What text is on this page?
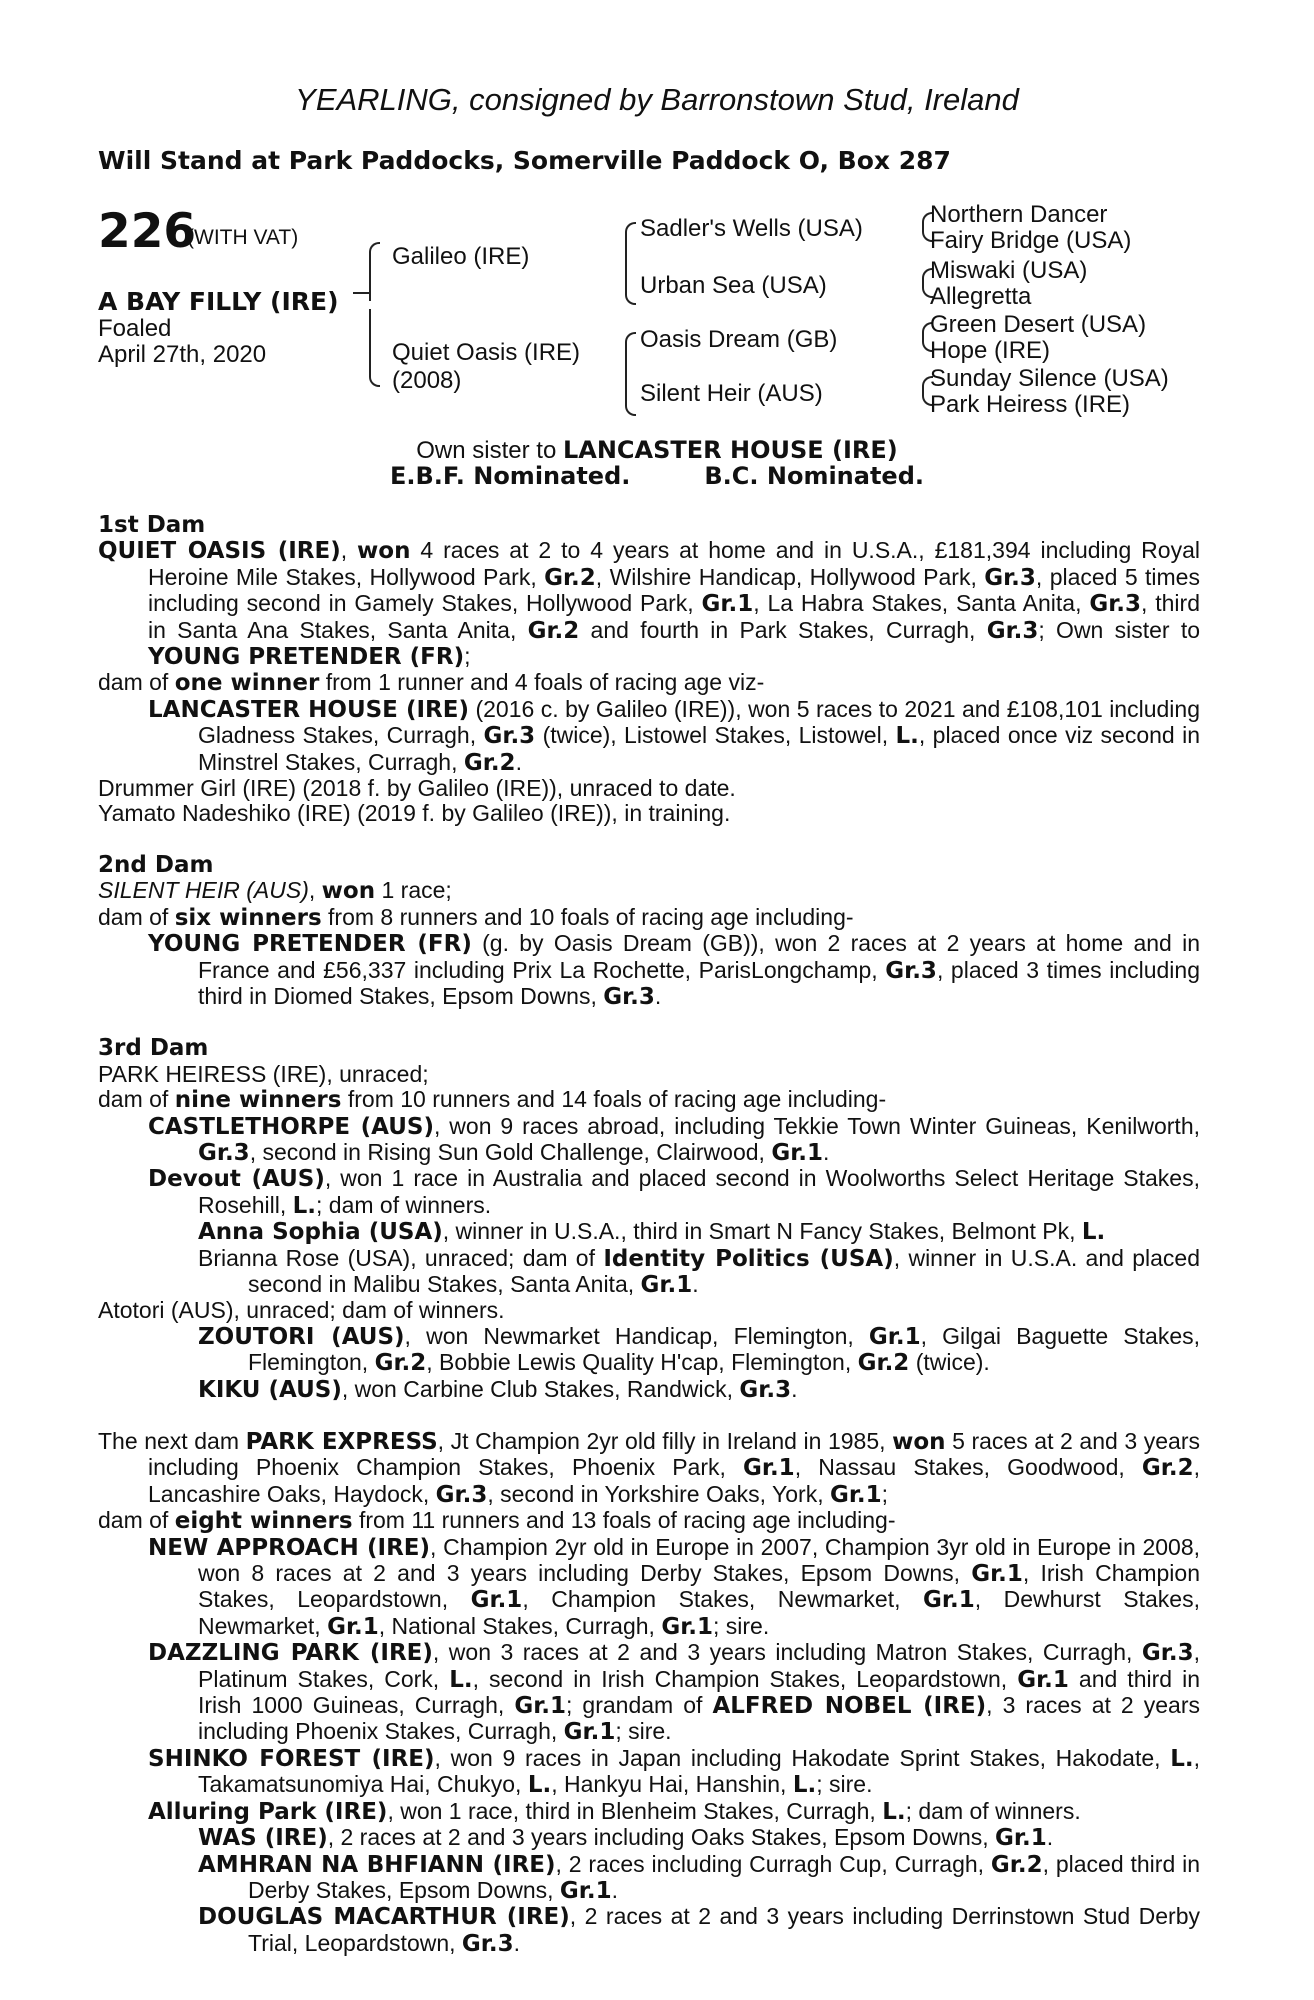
YEARLING, consigned by Barronstown Stud, Ireland
Will Stand at Park Paddocks, Somerville Paddock O, Box 287
226
(WITH VAT)
A BAY FILLY (IRE)
Foaled
April 27th, 2020
Galileo (IRE)
Quiet Oasis (IRE)
(2008)
Sadler's Wells (USA)
Urban Sea (USA)
Oasis Dream (GB)
Silent Heir (AUS)
Northern Dancer
Fairy Bridge (USA)
Miswaki (USA)
Allegretta
Green Desert (USA)
Hope (IRE)
Sunday Silence (USA)
Park Heiress (IRE)
Own sister to LANCASTER HOUSE (IRE)
E.B.F. Nominated.	B.C. Nominated.

1st Dam

QUIET OASIS (IRE), won 4 races at 2 to 4 years at home and in U.S.A., £181,394 including Royal Heroine Mile Stakes, Hollywood Park, Gr.2, Wilshire Handicap, Hollywood Park, Gr.3, placed 5 times including second in Gamely Stakes, Hollywood Park, Gr.1, La Habra Stakes, Santa Anita, Gr.3, third in Santa Ana Stakes, Santa Anita, Gr.2 and fourth in Park Stakes, Curragh, Gr.3; Own sister to YOUNG PRETENDER (FR);

dam of one winner from 1 runner and 4 foals of racing age viz-

LANCASTER HOUSE (IRE) (2016 c. by Galileo (IRE)), won 5 races to 2021 and £108,101 including Gladness Stakes, Curragh, Gr.3 (twice), Listowel Stakes, Listowel, L., placed once viz second in Minstrel Stakes, Curragh, Gr.2.

Drummer Girl (IRE) (2018 f. by Galileo (IRE)), unraced to date.

Yamato Nadeshiko (IRE) (2019 f. by Galileo (IRE)), in training.

2nd Dam

SILENT HEIR (AUS), won 1 race;

dam of six winners from 8 runners and 10 foals of racing age including-

YOUNG PRETENDER (FR) (g. by Oasis Dream (GB)), won 2 races at 2 years at home and in France and £56,337 including Prix La Rochette, ParisLongchamp, Gr.3, placed 3 times including third in Diomed Stakes, Epsom Downs, Gr.3.

3rd Dam

PARK HEIRESS (IRE), unraced;

dam of nine winners from 10 runners and 14 foals of racing age including-

CASTLETHORPE (AUS), won 9 races abroad, including Tekkie Town Winter Guineas, Kenilworth, Gr.3, second in Rising Sun Gold Challenge, Clairwood, Gr.1.

Devout (AUS), won 1 race in Australia and placed second in Woolworths Select Heritage Stakes, Rosehill, L.; dam of winners.

Anna Sophia (USA), winner in U.S.A., third in Smart N Fancy Stakes, Belmont Pk, L.

Brianna Rose (USA), unraced; dam of Identity Politics (USA), winner in U.S.A. and placed second in Malibu Stakes, Santa Anita, Gr.1.

Atotori (AUS), unraced; dam of winners.

ZOUTORI (AUS), won Newmarket Handicap, Flemington, Gr.1, Gilgai Baguette Stakes, Flemington, Gr.2, Bobbie Lewis Quality H'cap, Flemington, Gr.2 (twice).

KIKU (AUS), won Carbine Club Stakes, Randwick, Gr.3.

The next dam PARK EXPRESS, Jt Champion 2yr old filly in Ireland in 1985, won 5 races at 2 and 3 years including Phoenix Champion Stakes, Phoenix Park, Gr.1, Nassau Stakes, Goodwood, Gr.2, Lancashire Oaks, Haydock, Gr.3, second in Yorkshire Oaks, York, Gr.1;

dam of eight winners from 11 runners and 13 foals of racing age including-

NEW APPROACH (IRE), Champion 2yr old in Europe in 2007, Champion 3yr old in Europe in 2008, won 8 races at 2 and 3 years including Derby Stakes, Epsom Downs, Gr.1, Irish Champion Stakes, Leopardstown, Gr.1, Champion Stakes, Newmarket, Gr.1, Dewhurst Stakes, Newmarket, Gr.1, National Stakes, Curragh, Gr.1; sire.

DAZZLING PARK (IRE), won 3 races at 2 and 3 years including Matron Stakes, Curragh, Gr.3, Platinum Stakes, Cork, L., second in Irish Champion Stakes, Leopardstown, Gr.1 and third in Irish 1000 Guineas, Curragh, Gr.1; grandam of ALFRED NOBEL (IRE), 3 races at 2 years including Phoenix Stakes, Curragh, Gr.1; sire.

SHINKO FOREST (IRE), won 9 races in Japan including Hakodate Sprint Stakes, Hakodate, L., Takamatsunomiya Hai, Chukyo, L., Hankyu Hai, Hanshin, L.; sire.

Alluring Park (IRE), won 1 race, third in Blenheim Stakes, Curragh, L.; dam of winners.

WAS (IRE), 2 races at 2 and 3 years including Oaks Stakes, Epsom Downs, Gr.1.

AMHRAN NA BHFIANN (IRE), 2 races including Curragh Cup, Curragh, Gr.2, placed third in Derby Stakes, Epsom Downs, Gr.1.

DOUGLAS MACARTHUR (IRE), 2 races at 2 and 3 years including Derrinstown Stud Derby Trial, Leopardstown, Gr.3.
